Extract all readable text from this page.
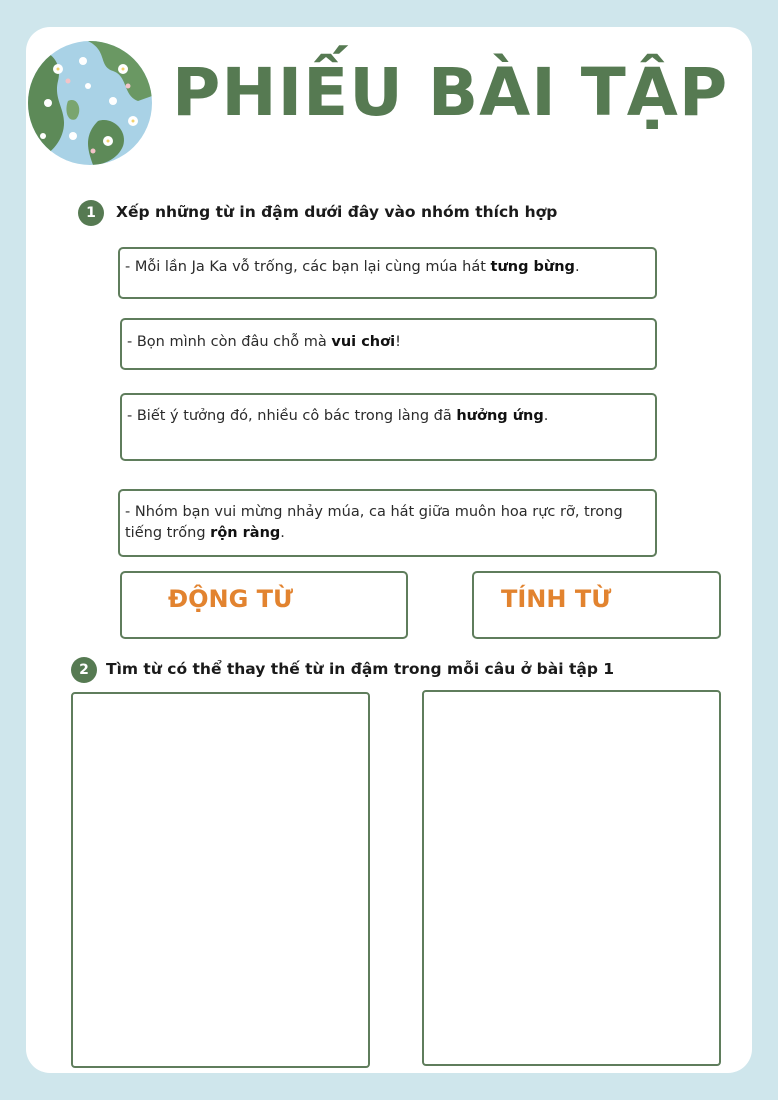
PHIẾU BÀI TẬP
1	Xếp những từ in đậm dưới đây vào nhóm thích hợp
- Mỗi lần Ja Ka vỗ trống, các bạn lại cùng múa hát tưng bừng.
- Bọn mình còn đâu chỗ mà vui chơi!
- Biết ý tưởng đó, nhiều cô bác trong làng đã hưởng ứng.
- Nhóm bạn vui mừng nhảy múa, ca hát giữa muôn hoa rực rỡ, trong tiếng trống rộn ràng.
ĐỘNG TỪ	TÍNH TỪ
2	Tìm từ có thể thay thế từ in đậm trong mỗi câu ở bài tập 1
